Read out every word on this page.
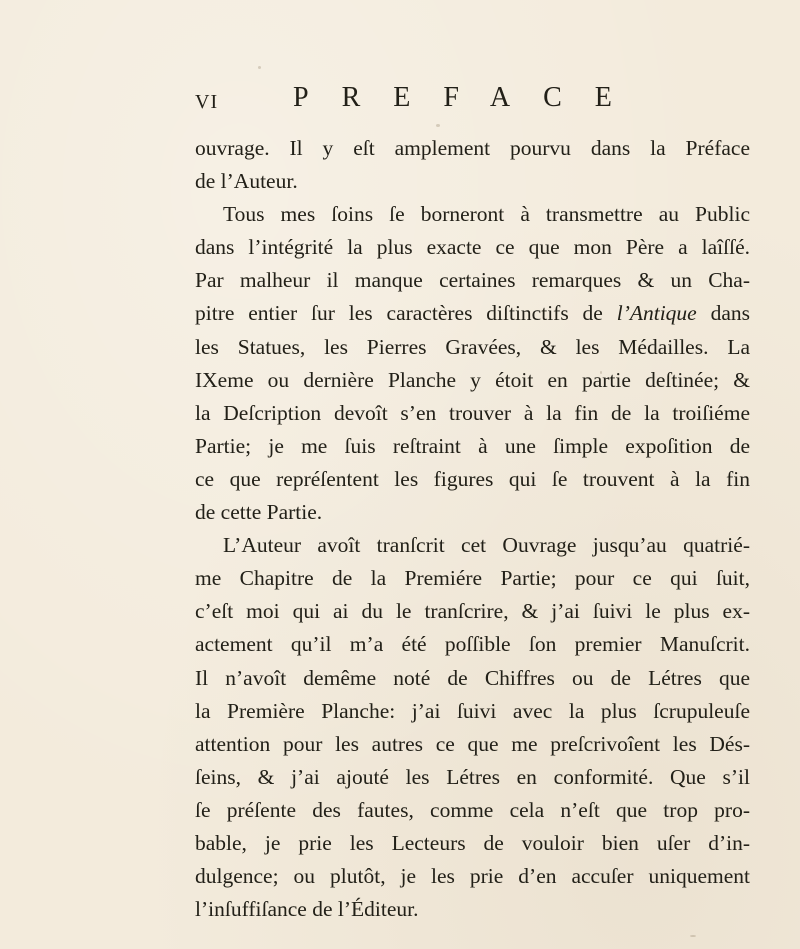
VI	PREFACE

ouvrage. Il y eſt amplement pourvu dans la Préface
de l’Auteur.

Tous mes ſoins ſe borneront à transmettre au Public
dans l’intégrité la plus exacte ce que mon Père a laîſſé.
Par malheur il manque certaines remarques & un Cha-
pitre entier ſur les caractères diſtinctifs de l’Antique dans
les Statues, les Pierres Gravées, & les Médailles. La
IXeme ou dernière Planche y étoit en partie deſtinée; &
la Deſcription devoît s’en trouver à la fin de la troiſiéme
Partie; je me ſuis reſtraint à une ſimple expoſition de
ce que repréſentent les figures qui ſe trouvent à la fin
de cette Partie.

L’Auteur avoît tranſcrit cet Ouvrage jusqu’au quatrié-
me Chapitre de la Premiére Partie; pour ce qui ſuit,
c’eſt moi qui ai du le tranſcrire, & j’ai ſuivi le plus ex-
actement qu’il m’a été poſſible ſon premier Manuſcrit.
Il n’avoît demême noté de Chiffres ou de Létres que
la Première Planche: j’ai ſuivi avec la plus ſcrupuleuſe
attention pour les autres ce que me preſcrivoîent les Dés-
ſeins, & j’ai ajouté les Létres en conformité. Que s’il
ſe préſente des fautes, comme cela n’eſt que trop pro-
bable, je prie les Lecteurs de vouloir bien uſer d’in-
dulgence; ou plutôt, je les prie d’en accuſer uniquement
l’inſuffiſance de l’Éditeur.
